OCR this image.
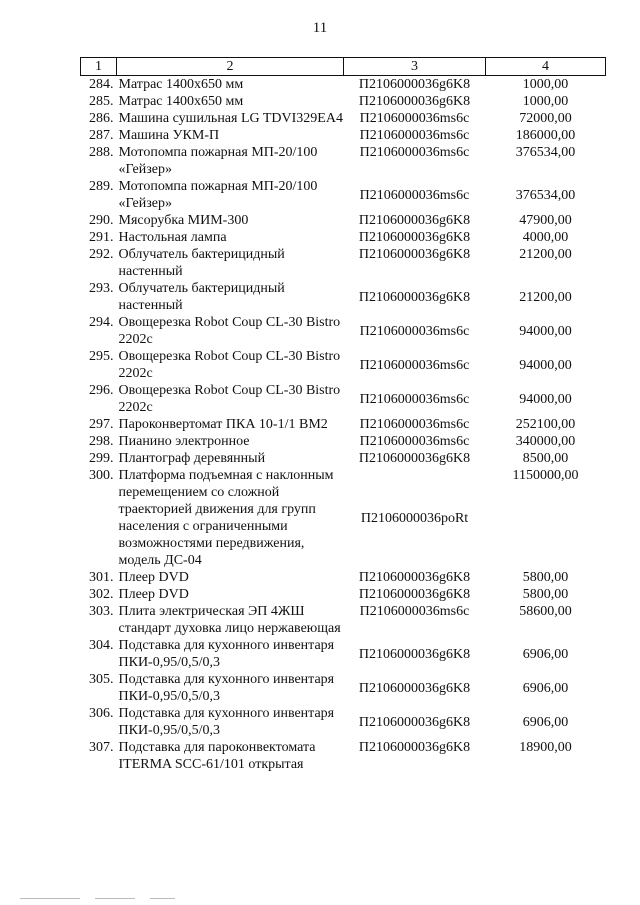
11
1	2	3	4
284.	Матрас 1400х650 мм	П2106000036g6K8	1000,00
285.	Матрас 1400х650 мм	П2106000036g6K8	1000,00
286.	Машина сушильная LG TDVI329EA4	П2106000036ms6c	72000,00
287.	Машина УКМ-П	П2106000036ms6c	186000,00
288.	Мотопомпа пожарная МП-20/100 «Гейзер»	П2106000036ms6c	376534,00
289.	Мотопомпа пожарная МП-20/100 «Гейзер»	П2106000036ms6c	376534,00
290.	Мясорубка МИМ-300	П2106000036g6K8	47900,00
291.	Настольная лампа	П2106000036g6K8	4000,00
292.	Облучатель бактерицидный настенный	П2106000036g6K8	21200,00
293.	Облучатель бактерицидный настенный	П2106000036g6K8	21200,00
294.	Овощерезка Robot Coup CL-30 Bistro 2202c	П2106000036ms6c	94000,00
295.	Овощерезка Robot Coup CL-30 Bistro 2202c	П2106000036ms6c	94000,00
296.	Овощерезка Robot Coup CL-30 Bistro 2202c	П2106000036ms6c	94000,00
297.	Пароконвертомат ПКА 10-1/1 ВМ2	П2106000036ms6c	252100,00
298.	Пианино электронное	П2106000036ms6c	340000,00
299.	Плантограф деревянный	П2106000036g6K8	8500,00
300.	Платформа подъемная с наклонным перемещением со сложной траекторией движения для групп населения с ограниченными возможностями передвижения, модель ДС-04	П2106000036poRt	1150000,00
301.	Плеер DVD	П2106000036g6K8	5800,00
302.	Плеер DVD	П2106000036g6K8	5800,00
303.	Плита электрическая ЭП 4ЖШ стандарт духовка лицо нержавеющая	П2106000036ms6c	58600,00
304.	Подставка для кухонного инвентаря ПКИ-0,95/0,5/0,3	П2106000036g6K8	6906,00
305.	Подставка для кухонного инвентаря ПКИ-0,95/0,5/0,3	П2106000036g6K8	6906,00
306.	Подставка для кухонного инвентаря ПКИ-0,95/0,5/0,3	П2106000036g6K8	6906,00
307.	Подставка для пароконвектомата ITERMA SCC-61/101 открытая	П2106000036g6K8	18900,00
